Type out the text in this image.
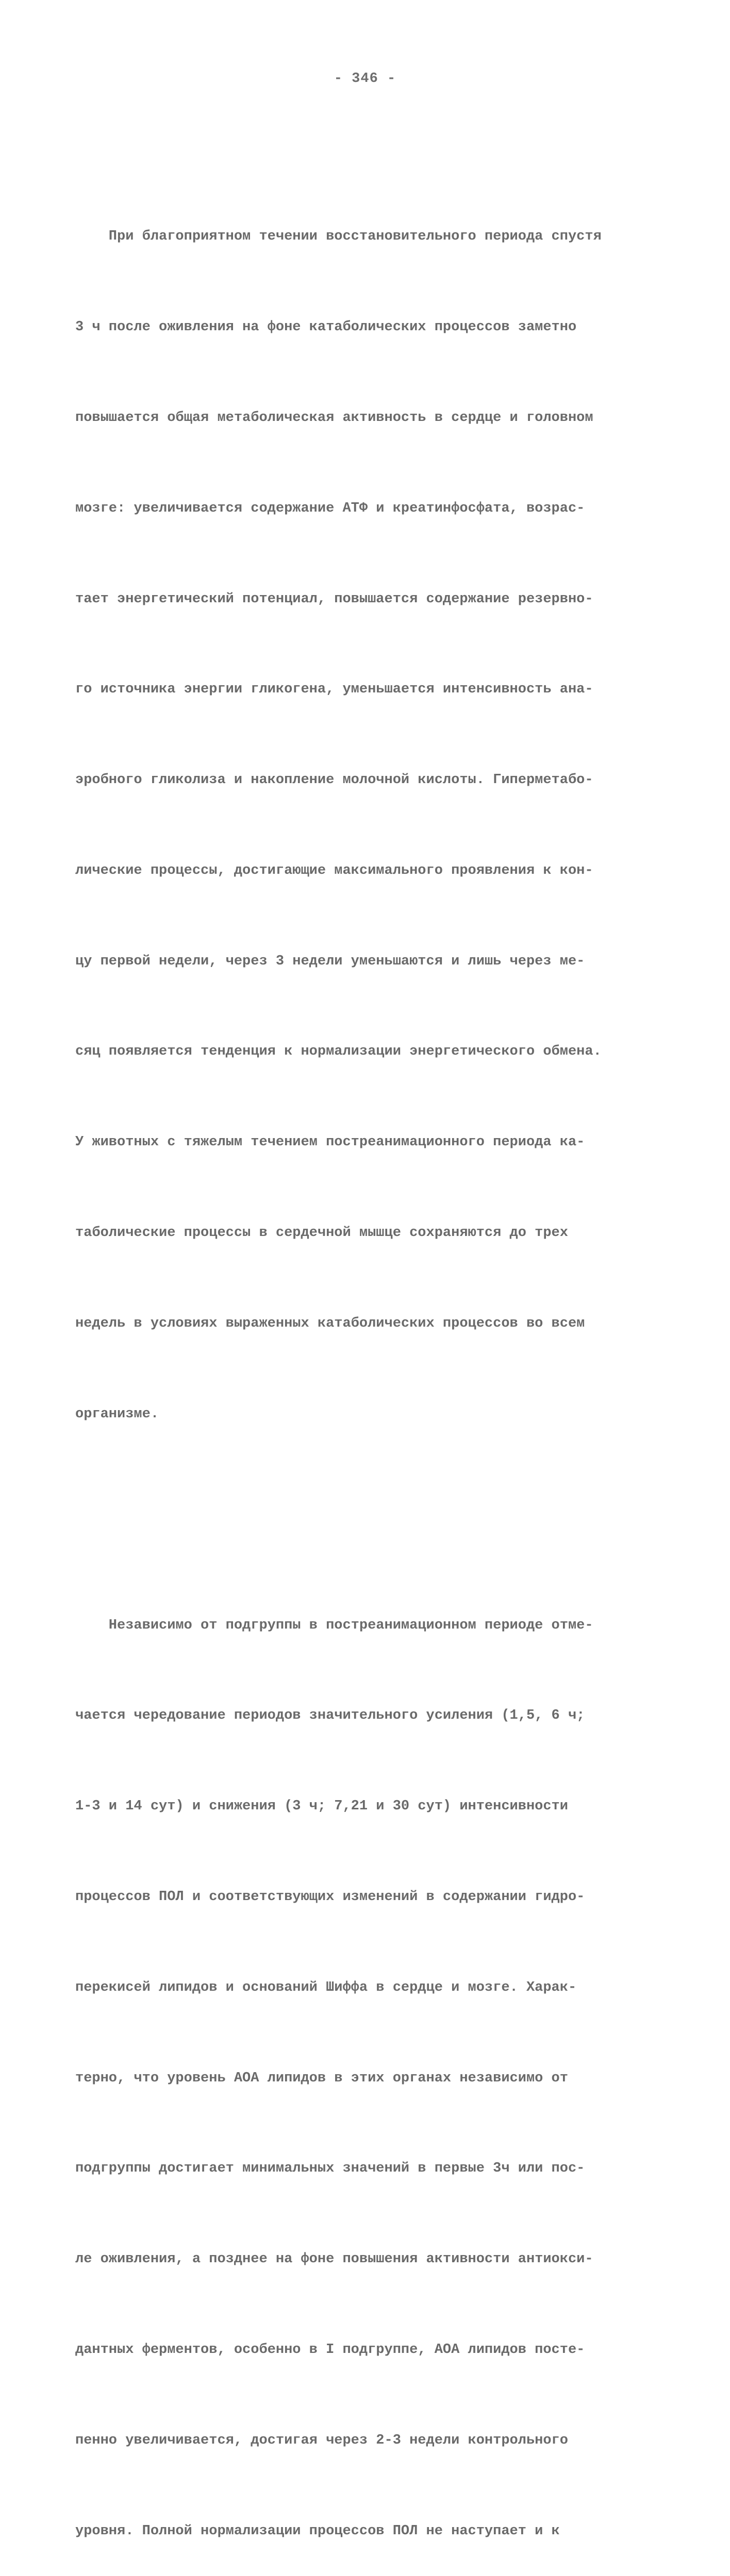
- 346 -

При благоприятном течении восстановительного периода спустя

3 ч после оживления на фоне катаболических процессов заметно

повышается общая метаболическая активность в сердце и головном

мозге: увеличивается содержание АТФ и креатинфосфата, возрас-

тает энергетический потенциал, повышается содержание резервно-

го источника энергии гликогена, уменьшается интенсивность ана-

эробного гликолиза и накопление молочной кислоты. Гиперметабо-

лические процессы, достигающие максимального проявления к кон-

цу первой недели, через 3 недели уменьшаются и лишь через ме-

сяц появляется тенденция к нормализации энергетического обмена.

У животных с тяжелым течением постреанимационного периода ка-

таболические процессы в сердечной мышце сохраняются до трех

недель в условиях выраженных катаболических процессов во всем

организме.

Независимо от подгруппы в постреанимационном периоде отме-

чается чередование периодов значительного усиления (1,5, 6 ч;

1-3 и 14 сут) и снижения (3 ч; 7,21 и 30 сут) интенсивности

процессов ПОЛ и соответствующих изменений в содержании гидро-

перекисей липидов и оснований Шиффа в сердце и мозге. Харак-

терно, что уровень АОА липидов в этих органах независимо от

подгруппы достигает минимальных значений в первые 3ч или пос-

ле оживления, а позднее на фоне повышения активности антиокси-

дантных ферментов, особенно в I подгруппе, АОА липидов посте-

пенно увеличивается, достигая через 2-3 недели контрольного

уровня. Полной нормализации процессов ПОЛ не наступает и к
